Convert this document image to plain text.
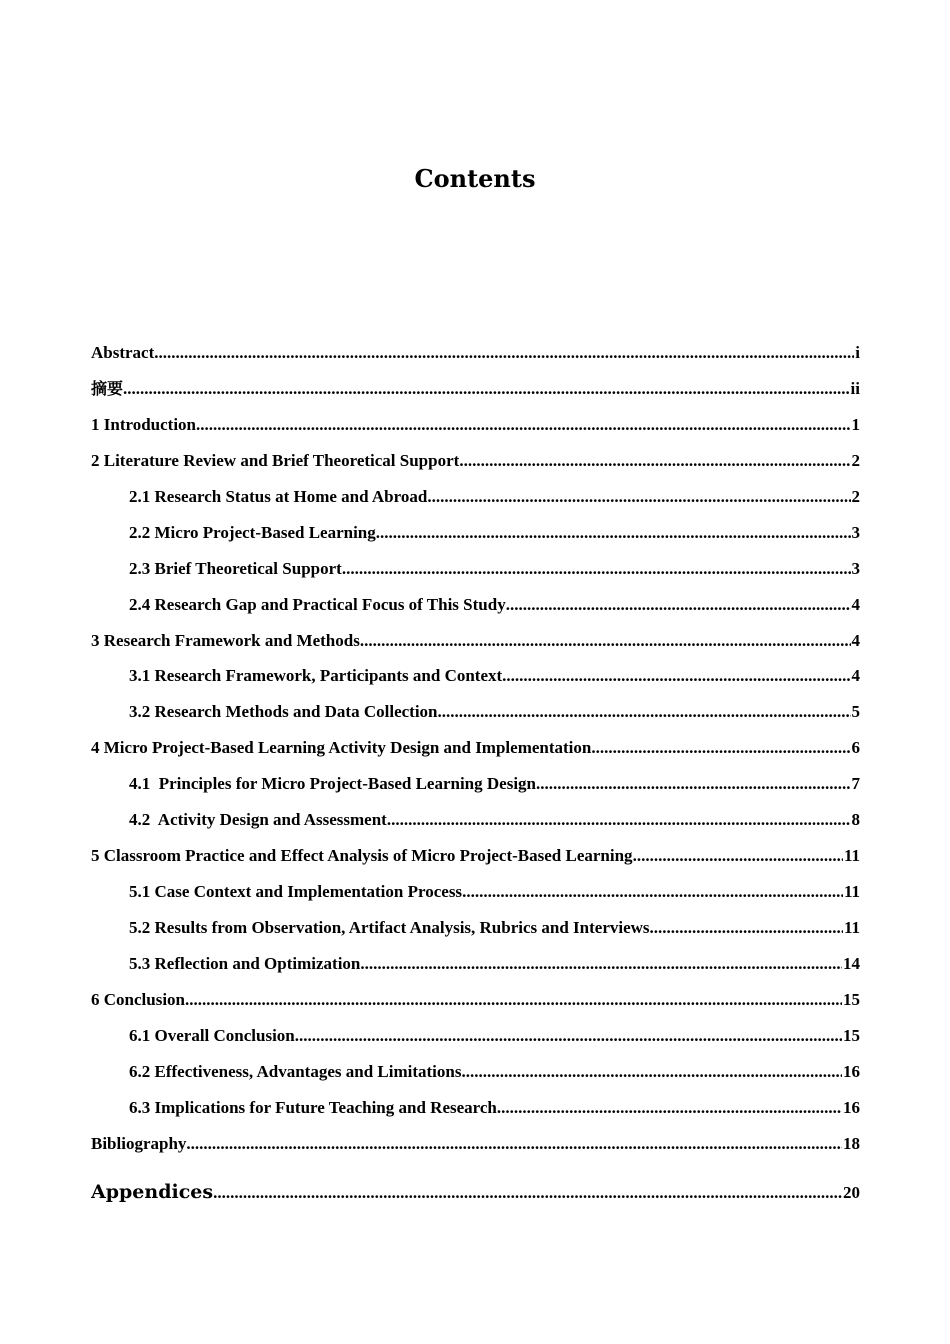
Contents
Abstract .....	i
摘要 .....	ii
1 Introduction .....	1
2 Literature Review and Brief Theoretical Support .....	2
2.1 Research Status at Home and Abroad .....	2
2.2 Micro Project-Based Learning .....	3
2.3 Brief Theoretical Support .....	3
2.4 Research Gap and Practical Focus of This Study .....	4
3 Research Framework and Methods .....	4
3.1 Research Framework, Participants and Context .....	4
3.2 Research Methods and Data Collection .....	5
4 Micro Project-Based Learning Activity Design and Implementation .....	6
4.1  Principles for Micro Project-Based Learning Design .....	7
4.2  Activity Design and Assessment .....	8
5 Classroom Practice and Effect Analysis of Micro Project-Based Learning .....	11
5.1 Case Context and Implementation Process .....	11
5.2 Results from Observation, Artifact Analysis, Rubrics and Interviews .....	11
5.3 Reflection and Optimization .....	14
6 Conclusion .....	15
6.1 Overall Conclusion .....	15
6.2 Effectiveness, Advantages and Limitations .....	16
6.3 Implications for Future Teaching and Research .....	16
Bibliography .....	18
Appendices .....	20
